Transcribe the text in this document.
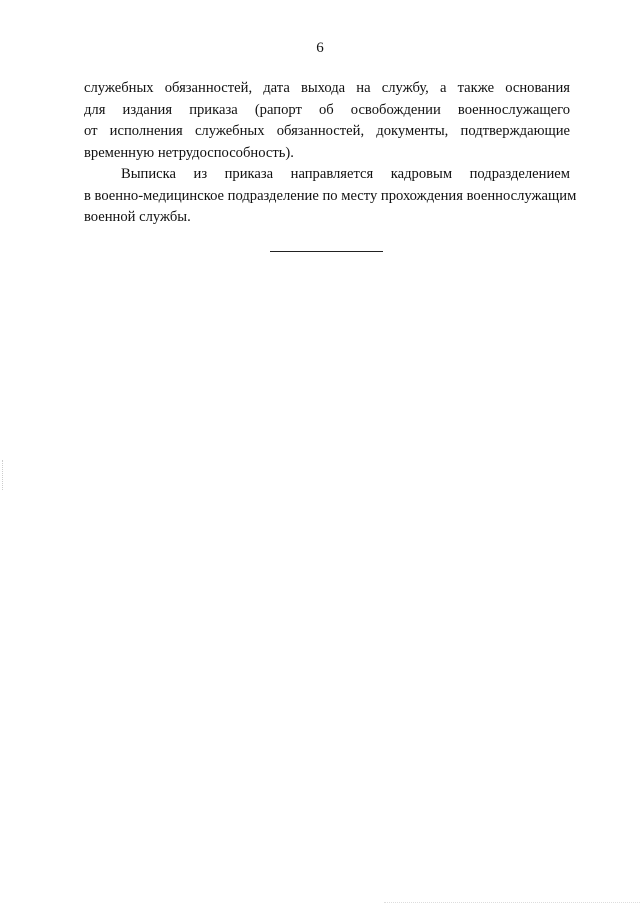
6

служебных обязанностей, дата выхода на службу, а также основания
для издания приказа (рапорт об освобождении военнослужащего
от исполнения служебных обязанностей, документы, подтверждающие
временную нетрудоспособность).

Выписка из приказа направляется кадровым подразделением
в военно-медицинское подразделение по месту прохождения военнослужащим
военной службы.
